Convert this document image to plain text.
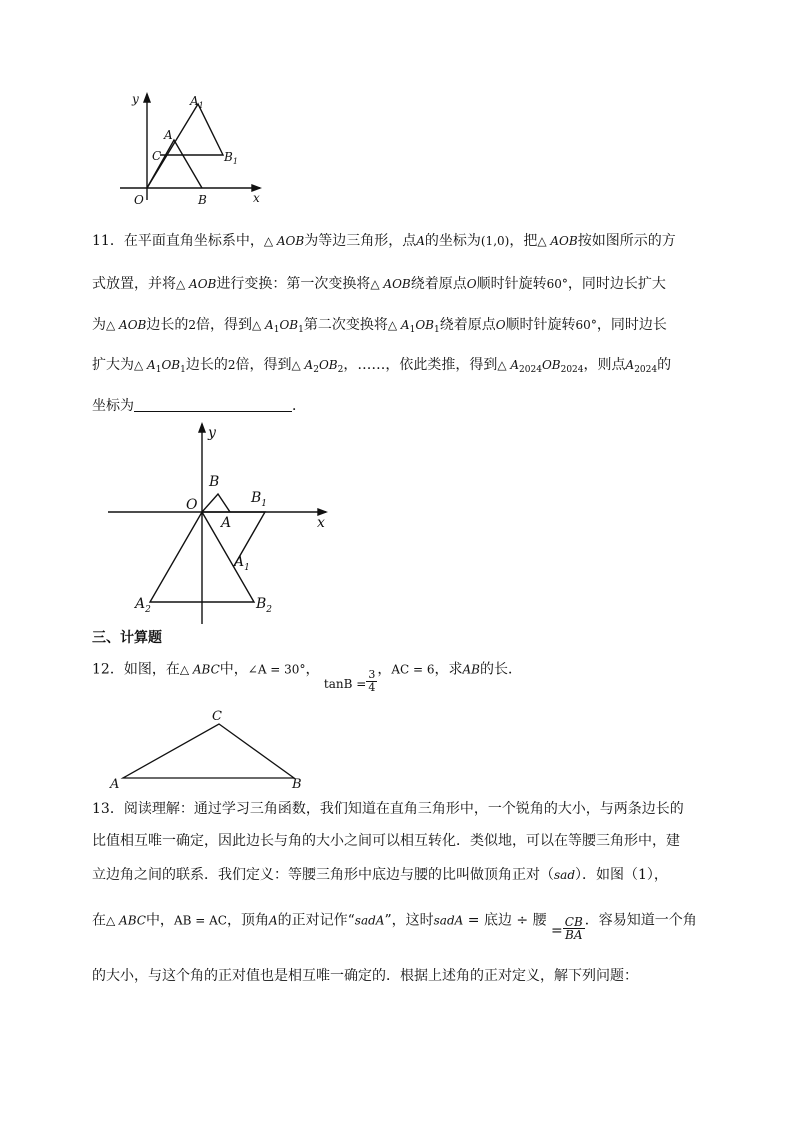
y
x
O	B
A
C
$A_1$
$B_1$
11．在平面直角坐标系中，△ AOB为等边三角形，点A的坐标为(1,0)，把△ AOB按如图所示的方
式放置，并将△ AOB进行变换：第一次变换将△ AOB绕着原点O顺时针旋转60°，同时边长扩大
为△ AOB边长的2倍，得到△ $A_1OB_1$第二次变换将△ $A_1OB_1$绕着原点O顺时针旋转60°，同时边长
扩大为△ $A_1OB_1$边长的2倍，得到△ $A_2OB_2$，……，依此类推，得到△ $A_{2024}OB_{2024}$，则点$A_{2024}$的
坐标为	．
y
x
O
B
A
$B_1$
$A_1$
$A_2$	$B_2$
三、计算题
12．如图，在△ ABC中，∠A = 30°， $\tan B = \frac{3}{4}$ ，AC = 6，求AB的长．
C
A	B
13．阅读理解：通过学习三角函数，我们知道在直角三角形中，一个锐角的大小，与两条边长的
比值相互唯一确定，因此边长与角的大小之间可以相互转化．类似地，可以在等腰三角形中，建
立边角之间的联系．我们定义：等腰三角形中底边与腰的比叫做顶角正对（sad）．如图（1），
在△ ABC中，AB = AC，顶角A的正对记作“sadA”，这时sadA = 底边 ÷ 腰 = $\frac{CB}{BA}$ ．容易知道一个角
的大小，与这个角的正对值也是相互唯一确定的．根据上述角的正对定义，解下列问题：
